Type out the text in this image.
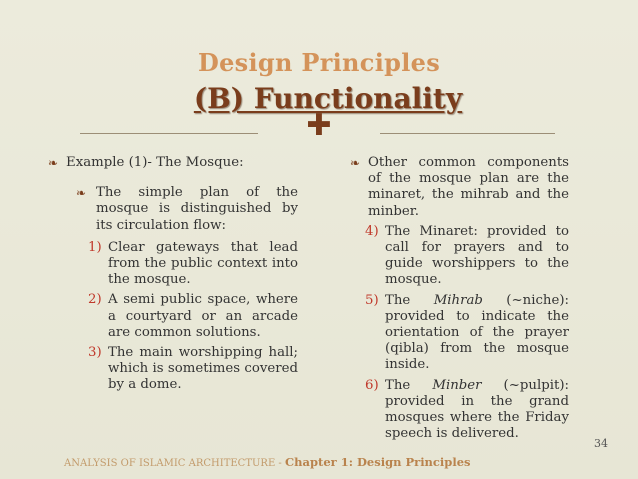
Design Principles
(B) Functionality
✚
❧ Example (1)- The Mosque:
❧ The simple plan of the mosque is distinguished by its circulation flow:
1) Clear gateways that lead from the public context into the mosque.
2) A semi public space, where a courtyard or an arcade are common solutions.
3) The main worshipping hall; which is sometimes covered by a dome.
❧ Other common components of the mosque plan are the minaret, the mihrab and the minber.
4) The Minaret: provided to call for prayers and to guide worshippers to the mosque.
5) The Mihrab (~niche): provided to indicate the orientation of the prayer (qibla) from the mosque inside.
6) The Minber (~pulpit): provided in the grand mosques where the Friday speech is delivered.
34
ANALYSIS OF ISLAMIC ARCHITECTURE - Chapter 1: Design Principles
